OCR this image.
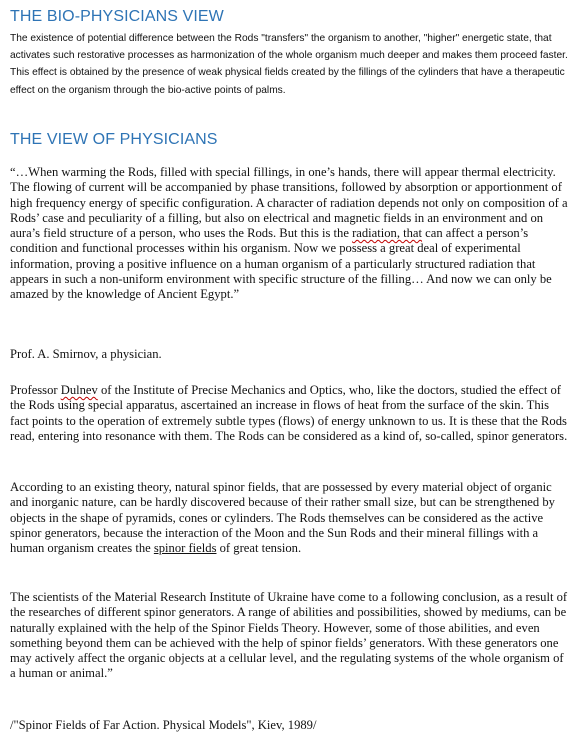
THE BIO-PHYSICIANS VIEW

The existence of potential difference between the Rods "transfers" the organism to another, "higher" energetic state, that activates such restorative processes as harmonization of the whole organism much deeper and makes them proceed faster. This effect is obtained by the presence of weak physical fields created by the fillings of the cylinders that have a therapeutic effect on the organism through the bio-active points of palms.

THE VIEW OF PHYSICIANS

“…When warming the Rods, filled with special fillings, in one’s hands, there will appear thermal electricity. The flowing of current will be accompanied by phase transitions, followed by absorption or apportionment of high frequency energy of specific configuration. A character of radiation depends not only on composition of a Rods’ case and peculiarity of a filling, but also on electrical and magnetic fields in an environment and on aura’s field structure of a person, who uses the Rods. But this is the radiation, that can affect a person’s condition and functional processes within his organism. Now we possess a great deal of experimental information, proving a positive influence on a human organism of a particularly structured radiation that appears in such a non-uniform environment with specific structure of the filling… And now we can only be amazed by the knowledge of Ancient Egypt.”

Prof. A. Smirnov, a physician.

Professor Dulnev of the Institute of Precise Mechanics and Optics, who, like the doctors, studied the effect of the Rods using special apparatus, ascertained an increase in flows of heat from the surface of the skin. This fact points to the operation of extremely subtle types (flows) of energy unknown to us. It is these that the Rods read, entering into resonance with them. The Rods can be considered as a kind of, so-called, spinor generators.

According to an existing theory, natural spinor fields, that are possessed by every material object of organic and inorganic nature, can be hardly discovered because of their rather small size, but can be strengthened by objects in the shape of pyramids, cones or cylinders. The Rods themselves can be considered as the active spinor generators, because the interaction of the Moon and the Sun Rods and their mineral fillings with a human organism creates the spinor fields of great tension.

The scientists of the Material Research Institute of Ukraine have come to a following conclusion, as a result of the researches of different spinor generators. A range of abilities and possibilities, showed by mediums, can be naturally explained with the help of the Spinor Fields Theory. However, some of those abilities, and even something beyond them can be achieved with the help of spinor fields’ generators. With these generators one may actively affect the organic objects at a cellular level, and the regulating systems of the whole organism of a human or animal.”

/"Spinor Fields of Far Action. Physical Models", Kiev, 1989/
